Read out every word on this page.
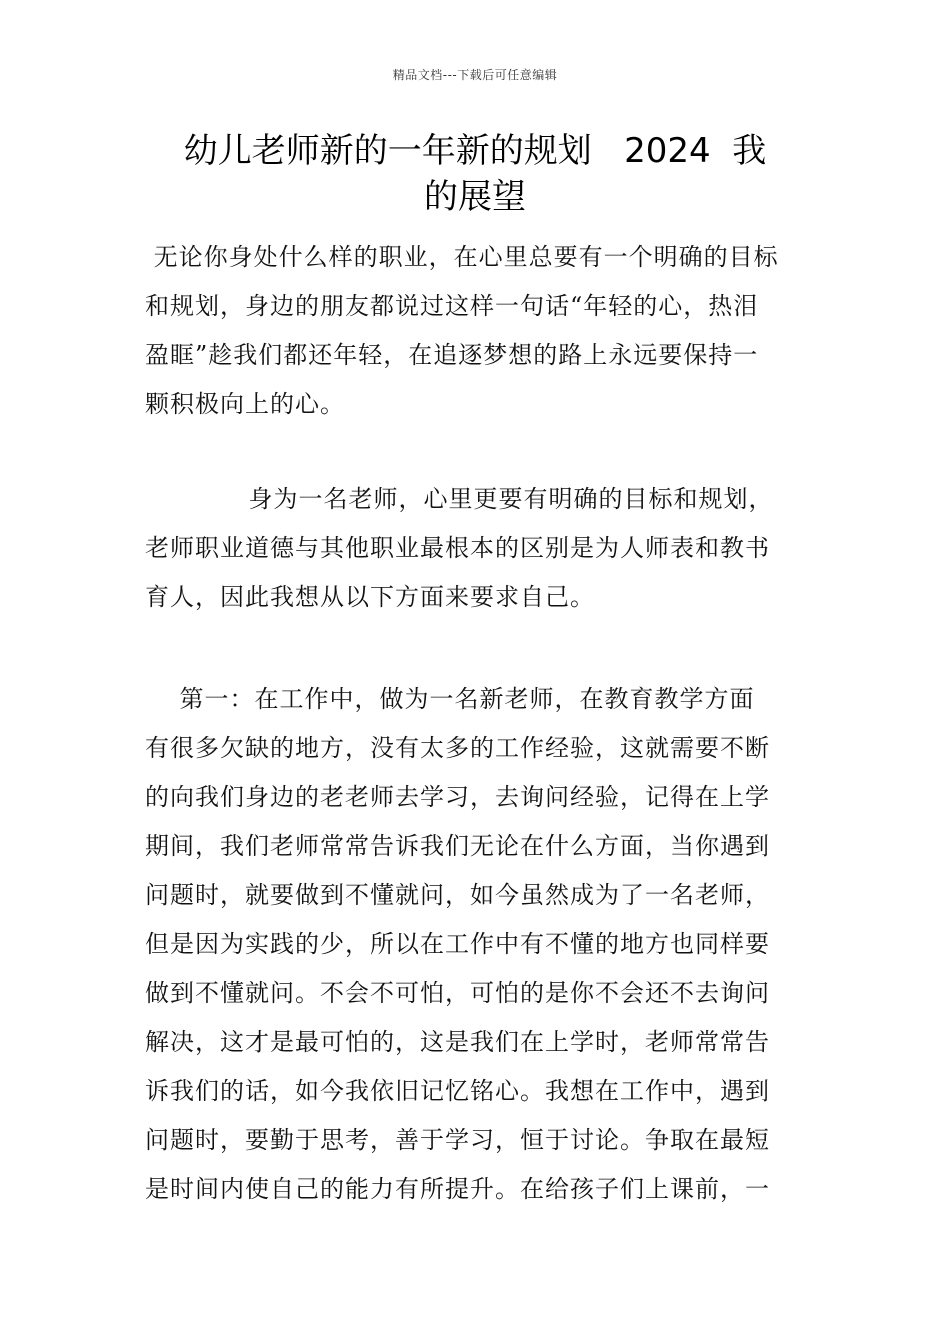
精品文档---下载后可任意编辑
幼儿老师新的一年新的规划   2024  我
的展望

无论你身处什么样的职业，在心里总要有一个明确的目标
和规划，身边的朋友都说过这样一句话“年轻的心，热泪
盈眶”趁我们都还年轻，在追逐梦想的路上永远要保持一
颗积极向上的心。

身为一名老师，心里更要有明确的目标和规划，
老师职业道德与其他职业最根本的区别是为人师表和教书
育人，因此我想从以下方面来要求自己。

第一：在工作中，做为一名新老师，在教育教学方面
有很多欠缺的地方，没有太多的工作经验，这就需要不断
的向我们身边的老老师去学习，去询问经验，记得在上学
期间，我们老师常常告诉我们无论在什么方面，当你遇到
问题时，就要做到不懂就问，如今虽然成为了一名老师，
但是因为实践的少，所以在工作中有不懂的地方也同样要
做到不懂就问。不会不可怕，可怕的是你不会还不去询问
解决，这才是最可怕的，这是我们在上学时，老师常常告
诉我们的话，如今我依旧记忆铭心。我想在工作中，遇到
问题时，要勤于思考，善于学习，恒于讨论。争取在最短
是时间内使自己的能力有所提升。在给孩子们上课前，一
